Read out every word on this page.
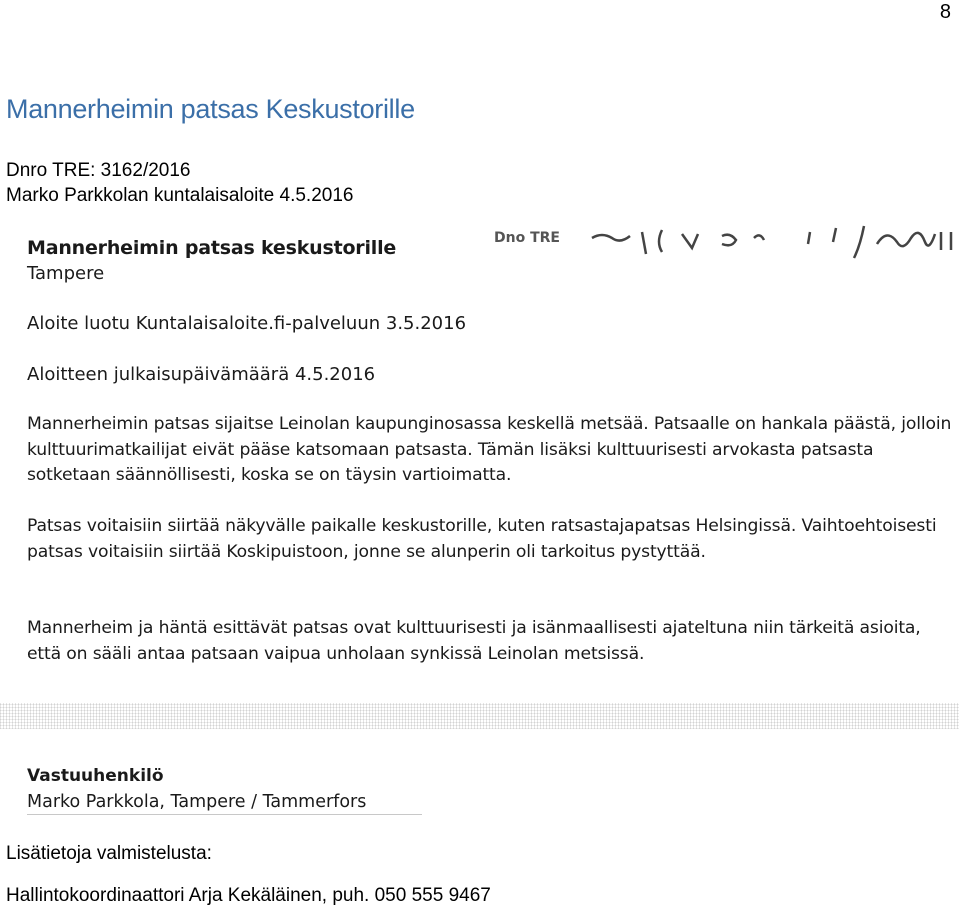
8
Mannerheimin patsas Keskustorille
Dnro TRE: 3162/2016
Marko Parkkolan kuntalaisaloite 4.5.2016
Dno TRE
Mannerheimin patsas keskustorille
Tampere
Aloite luotu Kuntalaisaloite.fi-palveluun 3.5.2016
Aloitteen julkaisupäivämäärä 4.5.2016

Mannerheimin patsas sijaitse Leinolan kaupunginosassa keskellä metsää. Patsaalle on hankala päästä, jolloin kulttuurimatkailijat eivät pääse katsomaan patsasta. Tämän lisäksi kulttuurisesti arvokasta patsasta sotketaan säännöllisesti, koska se on täysin vartioimatta.

Patsas voitaisiin siirtää näkyvälle paikalle keskustorille, kuten ratsastajapatsas Helsingissä. Vaihtoehtoisesti patsas voitaisiin siirtää Koskipuistoon, jonne se alunperin oli tarkoitus pystyttää.

Mannerheim ja häntä esittävät patsas ovat kulttuurisesti ja isänmaallisesti ajateltuna niin tärkeitä asioita, että on sääli antaa patsaan vaipua unholaan synkissä Leinolan metsissä.

Vastuuhenkilö
Marko Parkkola, Tampere / Tammerfors
Lisätietoja valmistelusta:
Hallintokoordinaattori Arja Kekäläinen, puh. 050 555 9467
